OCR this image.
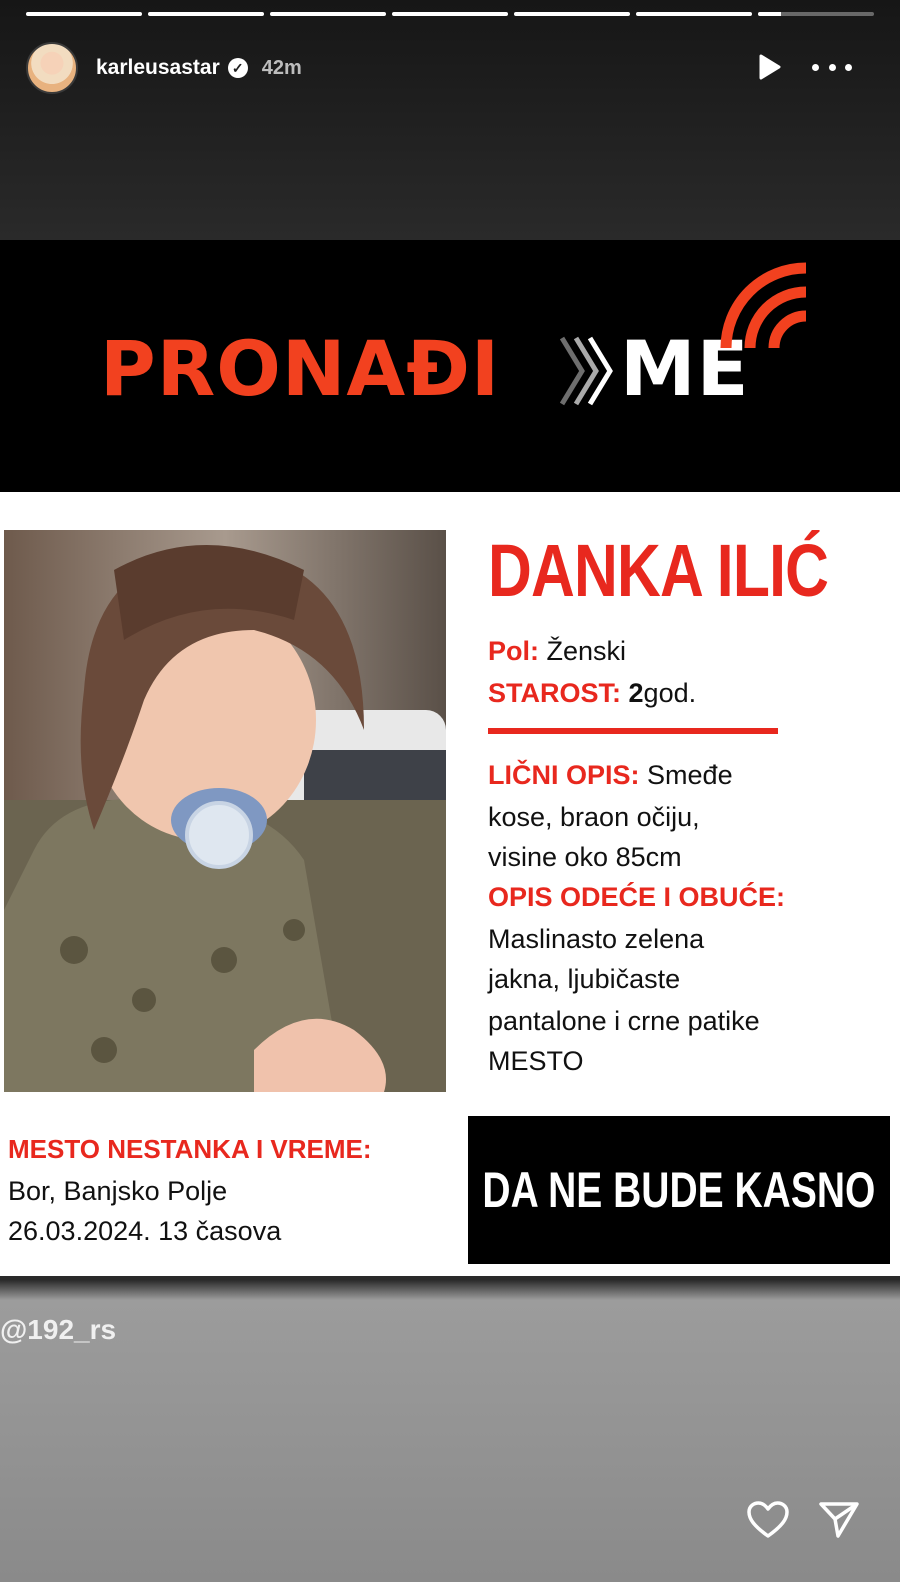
karleusastar ✓ 42m
PRONAĐI ME
DANKA ILIĆ
Pol: Ženski
STAROST: 2god.
LIČNI OPIS: Smeđe
kose, braon očiju,
visine oko 85cm
OPIS ODEĆE I OBUĆE:
Maslinasto zelena
jakna, ljubičaste
pantalone i crne patike
MESTO
MESTO NESTANKA I VREME:
Bor, Banjsko Polje
26.03.2024. 13 časova
DA NE BUDE KASNO
@192_rs
